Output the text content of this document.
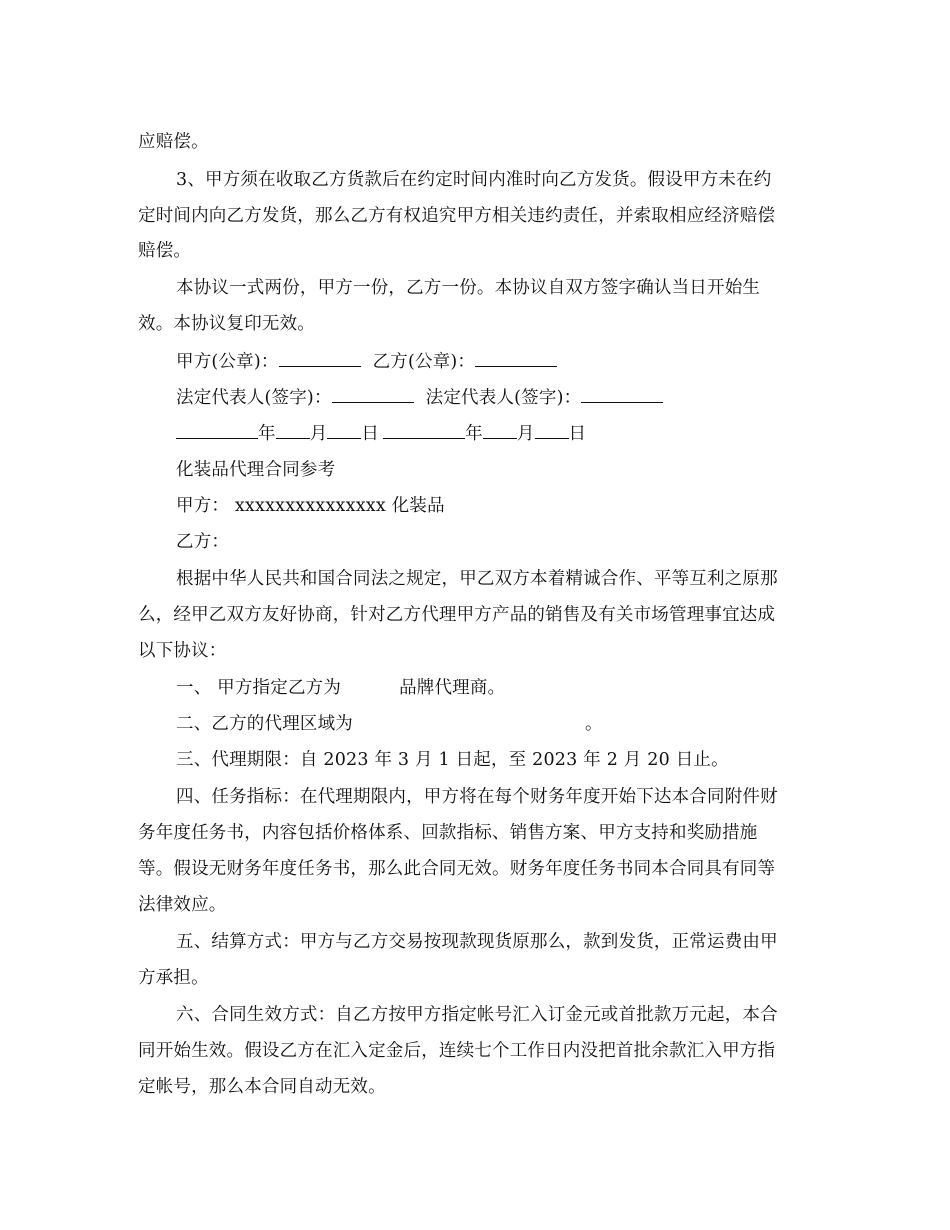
应赔偿。
3、甲方须在收取乙方货款后在约定时间内准时向乙方发货。假设甲方未在约
定时间内向乙方发货，那么乙方有权追究甲方相关违约责任，并索取相应经济赔偿
赔偿。
本协议一式两份，甲方一份，乙方一份。本协议自双方签字确认当日开始生
效。本协议复印无效。
甲方(公章)：	乙方(公章)：
法定代表人(签字)：	法定代表人(签字)：
年 月 日	年 月 日
化装品代理合同参考
甲方： xxxxxxxxxxxxxxx 化装品
乙方：
根据中华人民共和国合同法之规定，甲乙双方本着精诚合作、平等互利之原那
么，经甲乙双方友好协商，针对乙方代理甲方产品的销售及有关市场管理事宜达成
以下协议：
一、 甲方指定乙方为	品牌代理商。
二、乙方的代理区域为	。
三、代理期限：自 2023 年 3 月 1 日起，至 2023 年 2 月 20 日止。
四、任务指标：在代理期限内，甲方将在每个财务年度开始下达本合同附件财
务年度任务书，内容包括价格体系、回款指标、销售方案、甲方支持和奖励措施
等。假设无财务年度任务书，那么此合同无效。财务年度任务书同本合同具有同等
法律效应。
五、结算方式：甲方与乙方交易按现款现货原那么，款到发货，正常运费由甲
方承担。
六、合同生效方式：自乙方按甲方指定帐号汇入订金元或首批款万元起，本合
同开始生效。假设乙方在汇入定金后，连续七个工作日内没把首批余款汇入甲方指
定帐号，那么本合同自动无效。
